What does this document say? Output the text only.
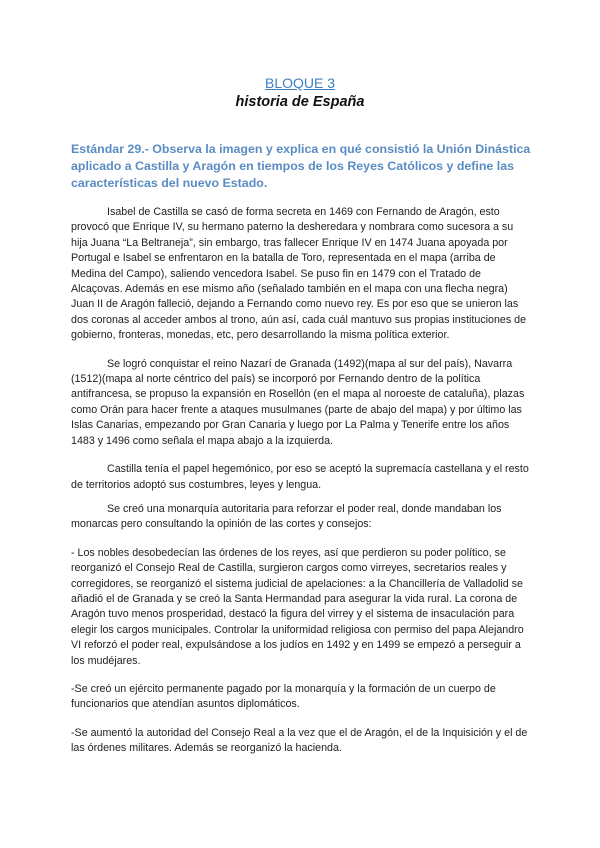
BLOQUE 3
historia de España
Estándar 29.- Observa la imagen y explica en qué consistió la Unión Dinástica aplicado a Castilla y Aragón en tiempos de los Reyes Católicos y define las características del nuevo Estado.

Isabel de Castilla se casó de forma secreta en 1469 con Fernando de Aragón, esto provocó que Enrique IV, su hermano paterno la desheredara y nombrara como sucesora a su hija Juana “La Beltraneja”, sin embargo, tras fallecer Enrique IV en 1474 Juana apoyada por Portugal e Isabel se enfrentaron en la batalla de Toro, representada en el mapa (arriba de Medina del Campo), saliendo vencedora Isabel. Se puso fin en 1479 con el Tratado de Alcaçovas. Además en ese mismo año (señalado también en el mapa con una flecha negra) Juan II de Aragón falleció, dejando a Fernando como nuevo rey. Es por eso que se unieron las dos coronas al acceder ambos al trono, aún así, cada cuál mantuvo sus propias instituciones de gobierno, fronteras, monedas, etc, pero desarrollando la misma política exterior.

Se logró conquistar el reino Nazarí de Granada (1492)(mapa al sur del país), Navarra (1512)(mapa al norte céntrico del país) se incorporó por Fernando dentro de la política antifrancesa, se propuso la expansión en Rosellón (en el mapa al noroeste de cataluña), plazas como Orán para hacer frente a ataques musulmanes (parte de abajo del mapa) y por último las Islas Canarias, empezando por Gran Canaria y luego por La Palma y Tenerife entre los años 1483 y 1496 como señala el mapa abajo a la izquierda.

Castilla tenía el papel hegemónico, por eso se aceptó la supremacía castellana y el resto de territorios adoptó sus costumbres, leyes y lengua.

Se creó una monarquía autoritaria para reforzar el poder real, donde mandaban los monarcas pero consultando la opinión de las cortes y consejos:

- Los nobles desobedecían las órdenes de los reyes, así que perdieron su poder político, se reorganizó el Consejo Real de Castilla, surgieron cargos como virreyes, secretarios reales y corregidores, se reorganizó el sistema judicial de apelaciones: a la Chancillería de Valladolid se añadió el de Granada y se creó la Santa Hermandad para asegurar la vida rural. La corona de Aragón tuvo menos prosperidad, destacó la figura del virrey y el sistema de insaculación para elegir los cargos municipales. Controlar la uniformidad religiosa con permiso del papa Alejandro VI reforzó el poder real, expulsándose a los judíos en 1492 y en 1499 se empezó a perseguir a los mudéjares.

-Se creó un ejército permanente pagado por la monarquía y la formación de un cuerpo de funcionarios que atendían asuntos diplomáticos.

-Se aumentó la autoridad del Consejo Real a la vez que el de Aragón, el de la Inquisición y el de las órdenes militares. Además se reorganizó la hacienda.
